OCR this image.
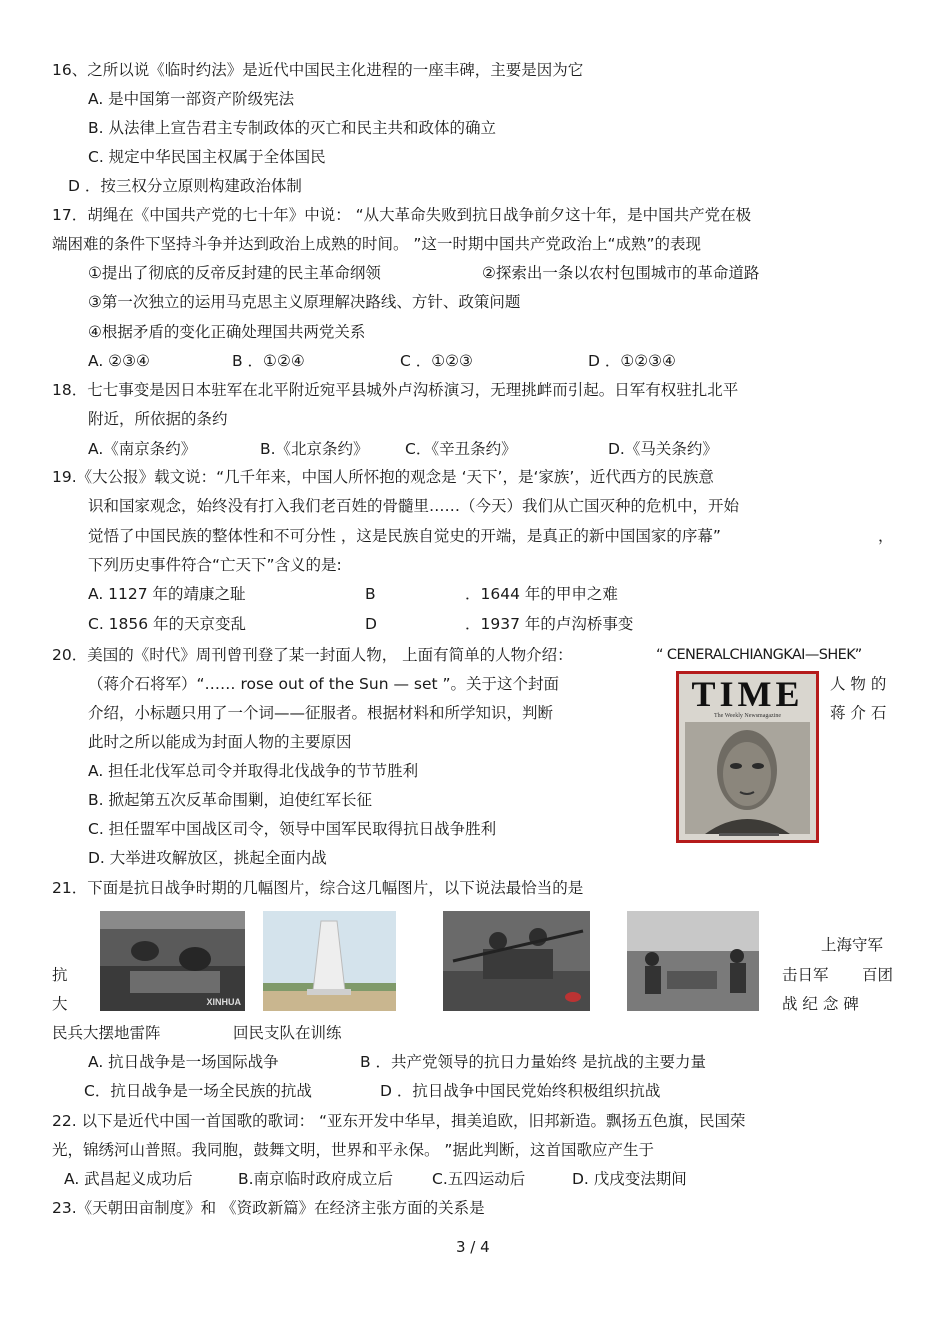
16、之所以说《临时约法》是近代中国民主化进程的一座丰碑，主要是因为它
A. 是中国第一部资产阶级宪法
B. 从法律上宣告君主专制政体的灭亡和民主共和政体的确立
C. 规定中华民国主权属于全体国民
D ．按三权分立原则构建政治体制
17．胡绳在《中国共产党的七十年》中说： “从大革命失败到抗日战争前夕这十年，是中国共产党在极
端困难的条件下坚持斗争并达到政治上成熟的时间。 ”这一时期中国共产党政治上“成熟”的表现
①提出了彻底的反帝反封建的民主革命纲领	②探索出一条以农村包围城市的革命道路
③第一次独立的运用马克思主义原理解决路线、方针、政策问题
④根据矛盾的变化正确处理国共两党关系
A. ②③④	B ．①②④	C ．①②③	D ．①②③④
18．七七事变是因日本驻军在北平附近宛平县城外卢沟桥演习，无理挑衅而引起。日军有权驻扎北平
附近，所依据的条约
A.《南京条约》	B.《北京条约》 C．《辛丑条约》	D.《马关条约》
19.《大公报》载文说：“几千年来，中国人所怀抱的观念是 ‘天下’，是‘家族’，近代西方的民族意
识和国家观念，始终没有打入我们老百姓的骨髓里……（今天）我们从亡国灭种的危机中，开始
觉悟了中国民族的整体性和不可分性 ，这是民族自觉史的开端，是真正的新中国国家的序幕”	，
下列历史事件符合“亡天下”含义的是:
A. 1127 年的靖康之耻	B	．1644 年的甲申之难
C. 1856 年的天京变乱	D	．1937 年的卢沟桥事变
20．美国的《时代》周刊曾刊登了某一封面人物， 上面有简单的人物介绍：	“ CENERALCHIANGKAI—SHEK”
（蒋介石将军）“…… rose out of the Sun — set ”。关于这个封面	人 物 的
介绍，小标题只用了一个词——征服者。根据材料和所学知识，判断	蒋 介 石
此时之所以能成为封面人物的主要原因
A. 担任北伐军总司令并取得北伐战争的节节胜利
B. 掀起第五次反革命围剿，迫使红军长征
C. 担任盟军中国战区司令，领导中国军民取得抗日战争胜利
D. 大举进攻解放区，挑起全面内战
TIME
The Weekly Newsmagazine
21．下面是抗日战争时期的几幅图片，综合这几幅图片，以下说法最恰当的是
XINHUA
上海守军
抗	击日军 百团
大	战 纪 念 碑
民兵大摆地雷阵	回民支队在训练
A. 抗日战争是一场国际战争	B ．共产党领导的抗日力量始终 是抗战的主要力量
C．抗日战争是一场全民族的抗战	D ．抗日战争中国民党始终积极组织抗战
22. 以下是近代中国一首国歌的歌词： “亚东开发中华早，揖美追欧，旧邦新造。飘扬五色旗，民国荣
光，锦绣河山普照。我同胞，鼓舞文明，世界和平永保。 ”据此判断，这首国歌应产生于
A. 武昌起义成功后	B.南京临时政府成立后	C.五四运动后	D. 戊戌变法期间
23.《天朝田亩制度》和 《资政新篇》在经济主张方面的关系是
3 / 4
